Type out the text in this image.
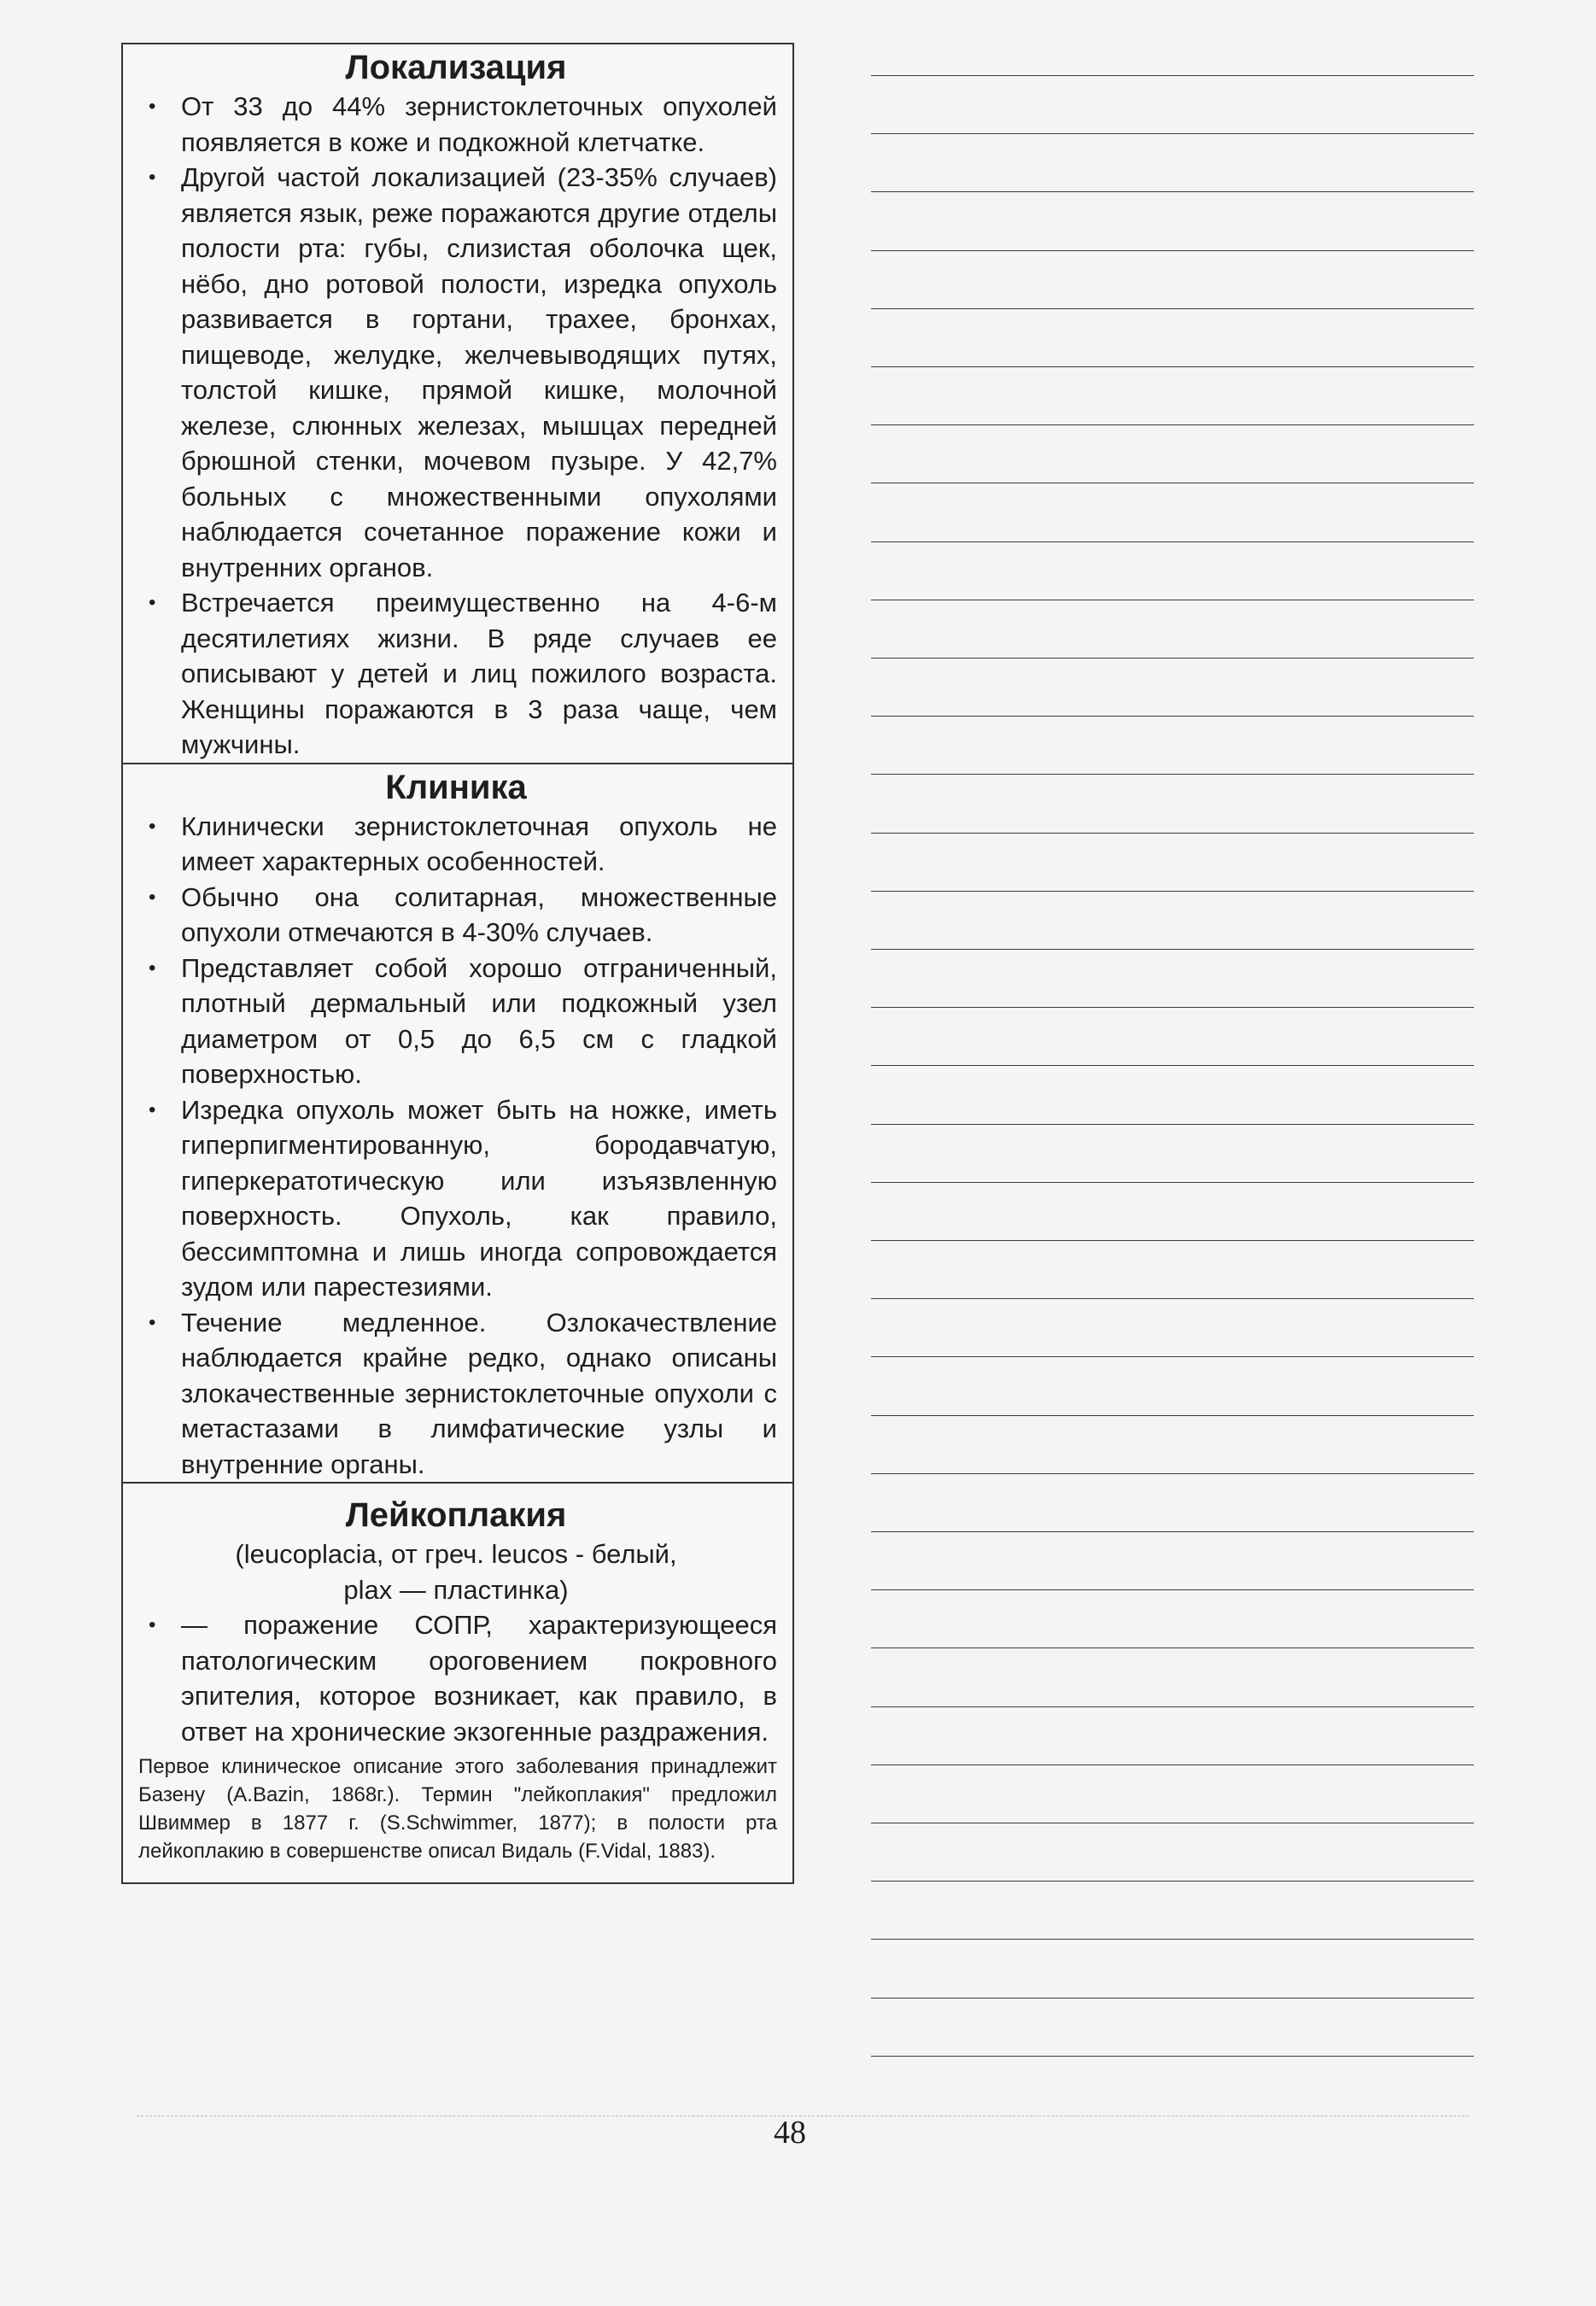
Локализация
• От 33 до 44% зернистоклеточных опухолей появляется в коже и подкожной клетчатке.
• Другой частой локализацией (23-35% случаев) является язык, реже поражаются другие отделы полости рта: губы, слизистая оболочка щек, нёбо, дно ротовой полости, изредка опухоль развивается в гортани, трахее, бронхах, пищеводе, желудке, желчевыводящих путях, толстой кишке, прямой кишке, молочной железе, слюнных железах, мышцах передней брюшной стенки, мочевом пузыре. У 42,7% больных с множественными опухолями наблюдается сочетанное поражение кожи и внутренних органов.
• Встречается преимущественно на 4-6-м десятилетиях жизни. В ряде случаев ее описывают у детей и лиц пожилого возраста. Женщины поражаются в 3 раза чаще, чем мужчины.
Клиника
• Клинически зернистоклеточная опухоль не имеет характерных особенностей.
• Обычно она солитарная, множественные опухоли отмечаются в 4-30% случаев.
• Представляет собой хорошо отграниченный, плотный дермальный или подкожный узел диаметром от 0,5 до 6,5 см с гладкой поверхностью.
• Изредка опухоль может быть на ножке, иметь гиперпигментированную, бородавчатую, гиперкератотическую или изъязвленную поверхность. Опухоль, как правило, бессимптомна и лишь иногда сопровождается зудом или парестезиями.
• Течение медленное. Озлокачествление наблюдается крайне редко, однако описаны злокачественные зернистоклеточные опухоли с метастазами в лимфатические узлы и внутренние органы.
Лейкоплакия
(leucoplacia, от греч. leucos - белый,
plax — пластинка)
• — поражение СОПР, характеризующееся патологическим ороговением покровного эпителия, которое возникает, как правило, в ответ на хронические экзогенные раздражения.
Первое клиническое описание этого заболевания принадлежит Базену (A.Bazin, 1868г.). Термин "лейкоплакия" предложил Швиммер в 1877 г. (S.Schwimmer, 1877); в полости рта лейкоплакию в совершенстве описал Видаль (F.Vidal, 1883).
48
